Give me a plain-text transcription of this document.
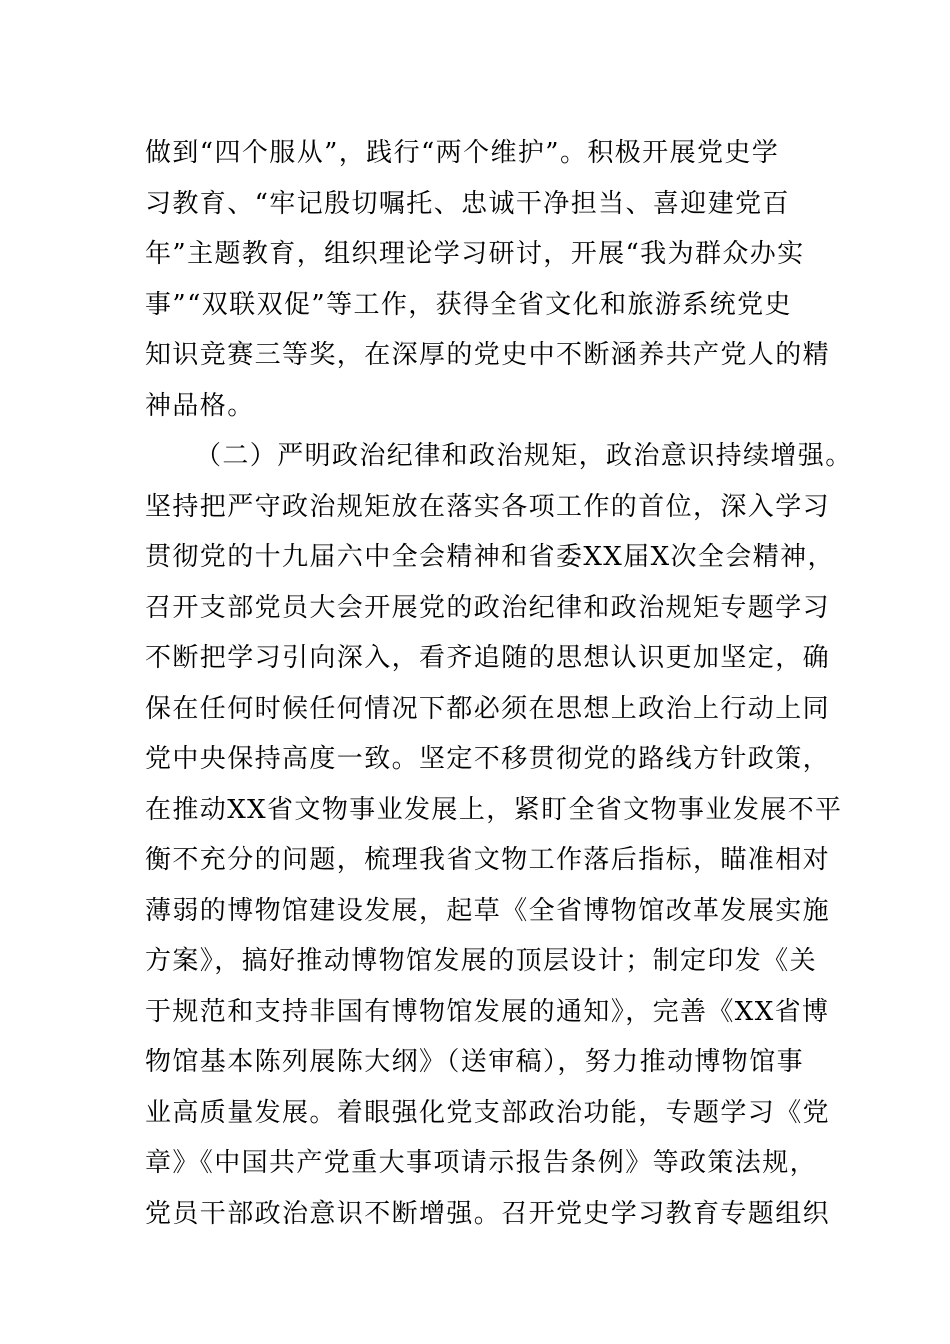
做到“四个服从”，践行“两个维护”。积极开展党史学
习教育、“牢记殷切嘱托、忠诚干净担当、喜迎建党百
年”主题教育，组织理论学习研讨，开展“我为群众办实
事”“双联双促”等工作，获得全省文化和旅游系统党史
知识竞赛三等奖，在深厚的党史中不断涵养共产党人的精
神品格。
（二）严明政治纪律和政治规矩，政治意识持续增强。
坚持把严守政治规矩放在落实各项工作的首位，深入学习
贯彻党的十九届六中全会精神和省委XX届X次全会精神，
召开支部党员大会开展党的政治纪律和政治规矩专题学习
不断把学习引向深入，看齐追随的思想认识更加坚定，确
保在任何时候任何情况下都必须在思想上政治上行动上同
党中央保持高度一致。坚定不移贯彻党的路线方针政策，
在推动XX省文物事业发展上，紧盯全省文物事业发展不平
衡不充分的问题，梳理我省文物工作落后指标，瞄准相对
薄弱的博物馆建设发展，起草《全省博物馆改革发展实施
方案》，搞好推动博物馆发展的顶层设计；制定印发《关
于规范和支持非国有博物馆发展的通知》，完善《XX省博
物馆基本陈列展陈大纲》（送审稿），努力推动博物馆事
业高质量发展。着眼强化党支部政治功能，专题学习《党
章》《中国共产党重大事项请示报告条例》等政策法规，
党员干部政治意识不断增强。召开党史学习教育专题组织
